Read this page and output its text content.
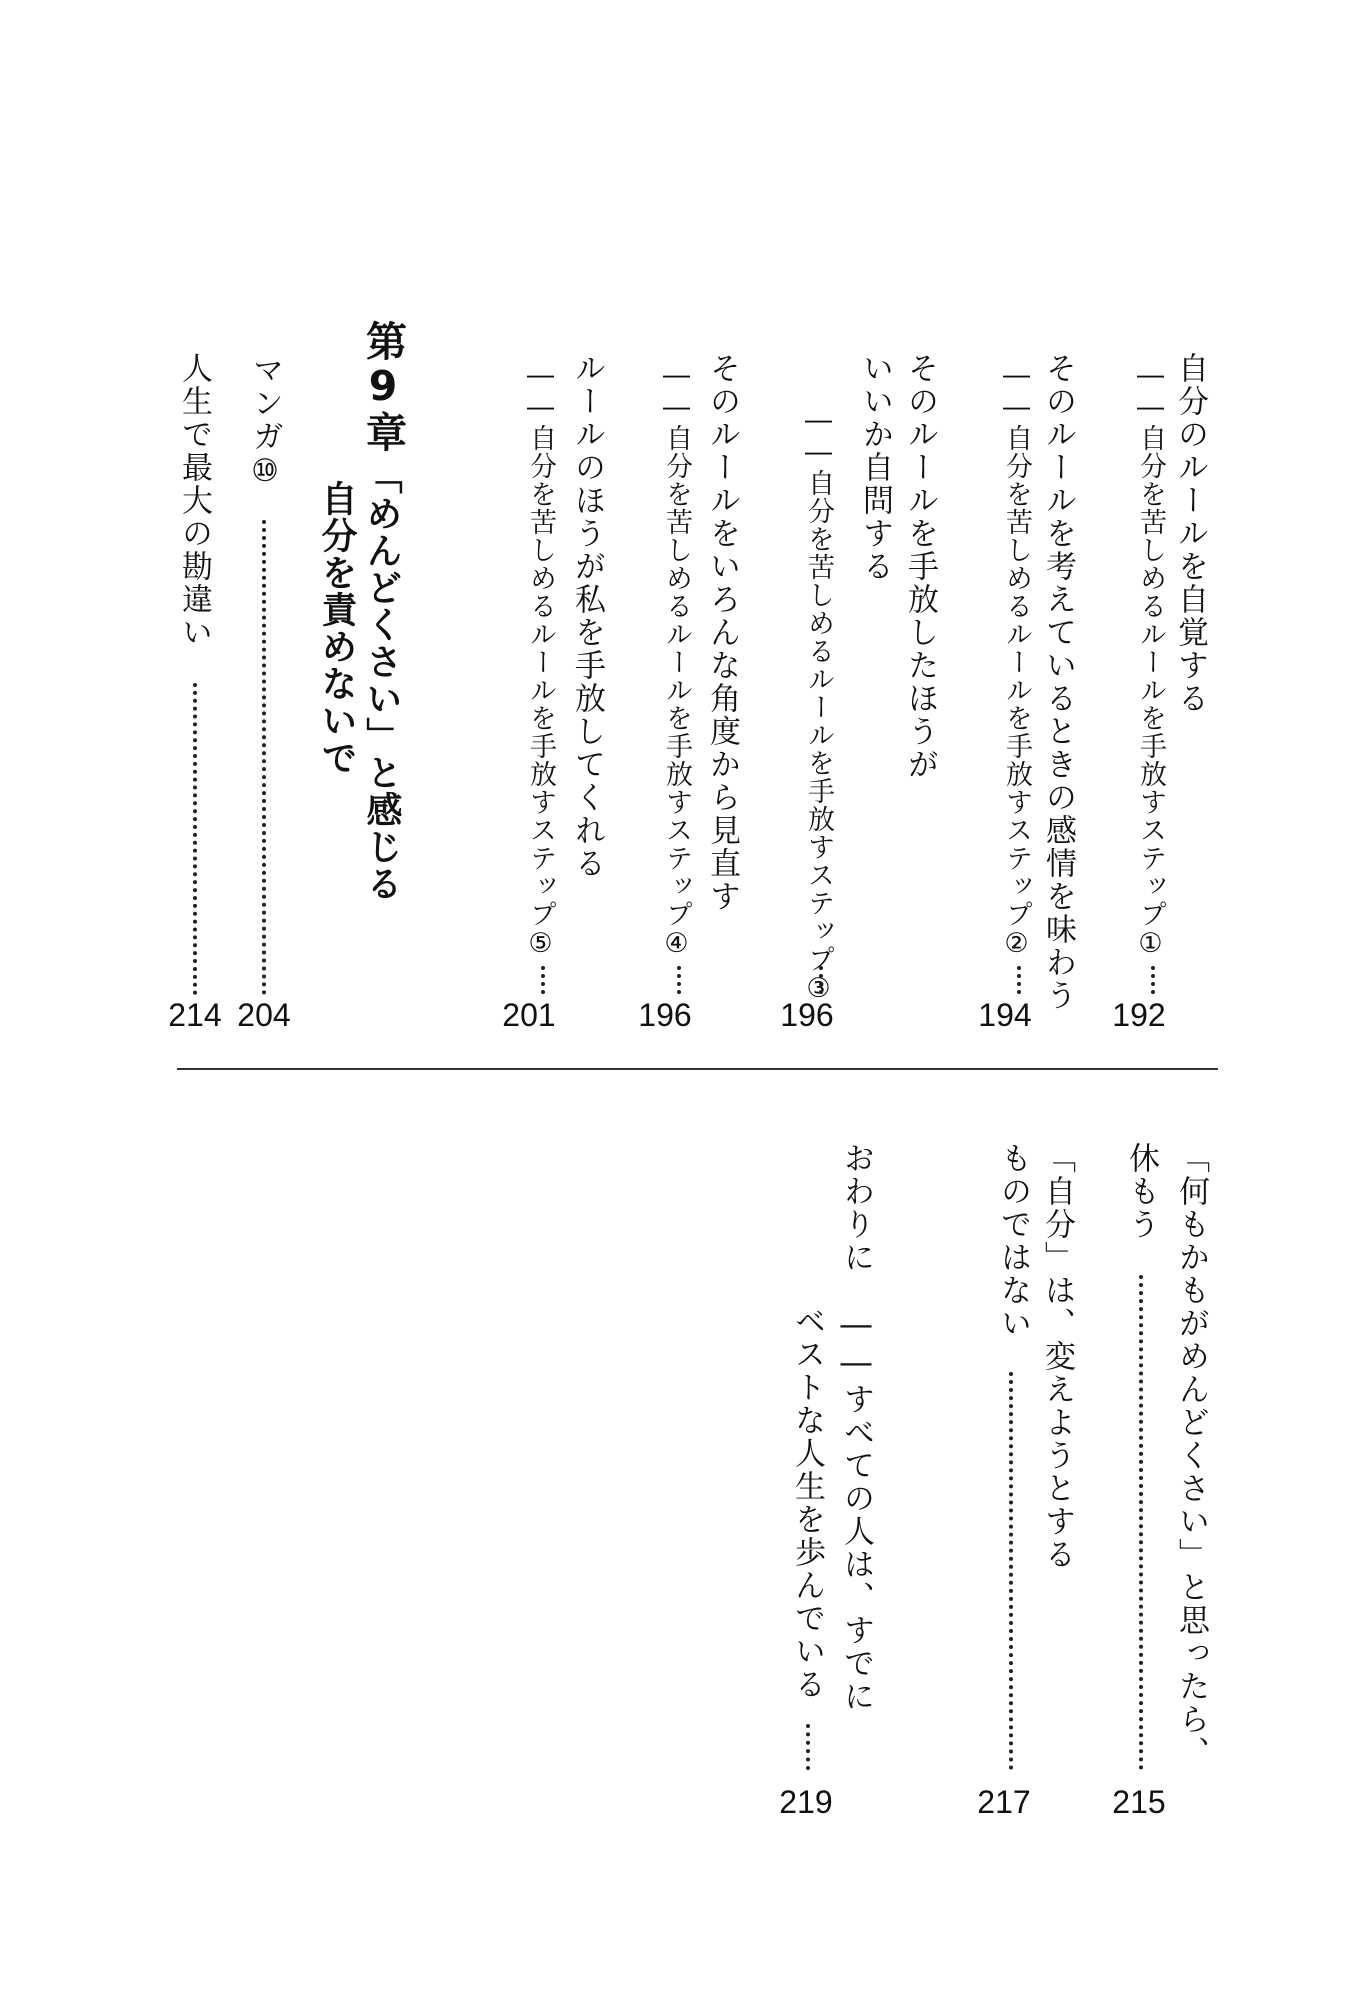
自分のルールを自覚する
――自分を苦しめるルールを手放すステップ①
192
そのルールを考えているときの感情を味わう
――自分を苦しめるルールを手放すステップ②
194
そのルールを手放したほうが
いいか自問する
――自分を苦しめるルールを手放すステップ③
196
そのルールをいろんな角度から見直す
――自分を苦しめるルールを手放すステップ④
196
ルールのほうが私を手放してくれる
――自分を苦しめるルールを手放すステップ⑤
201
第9章
「めんどくさい」と感じる
自分を責めないで
マンガ⑩
204
人生で最大の勘違い
214
「何もかもがめんどくさい」と思ったら、
休もう
215
「自分」は、変えようとする
ものではない
217
おわりに　――すべての人は、すでに
ベストな人生を歩んでいる
219
